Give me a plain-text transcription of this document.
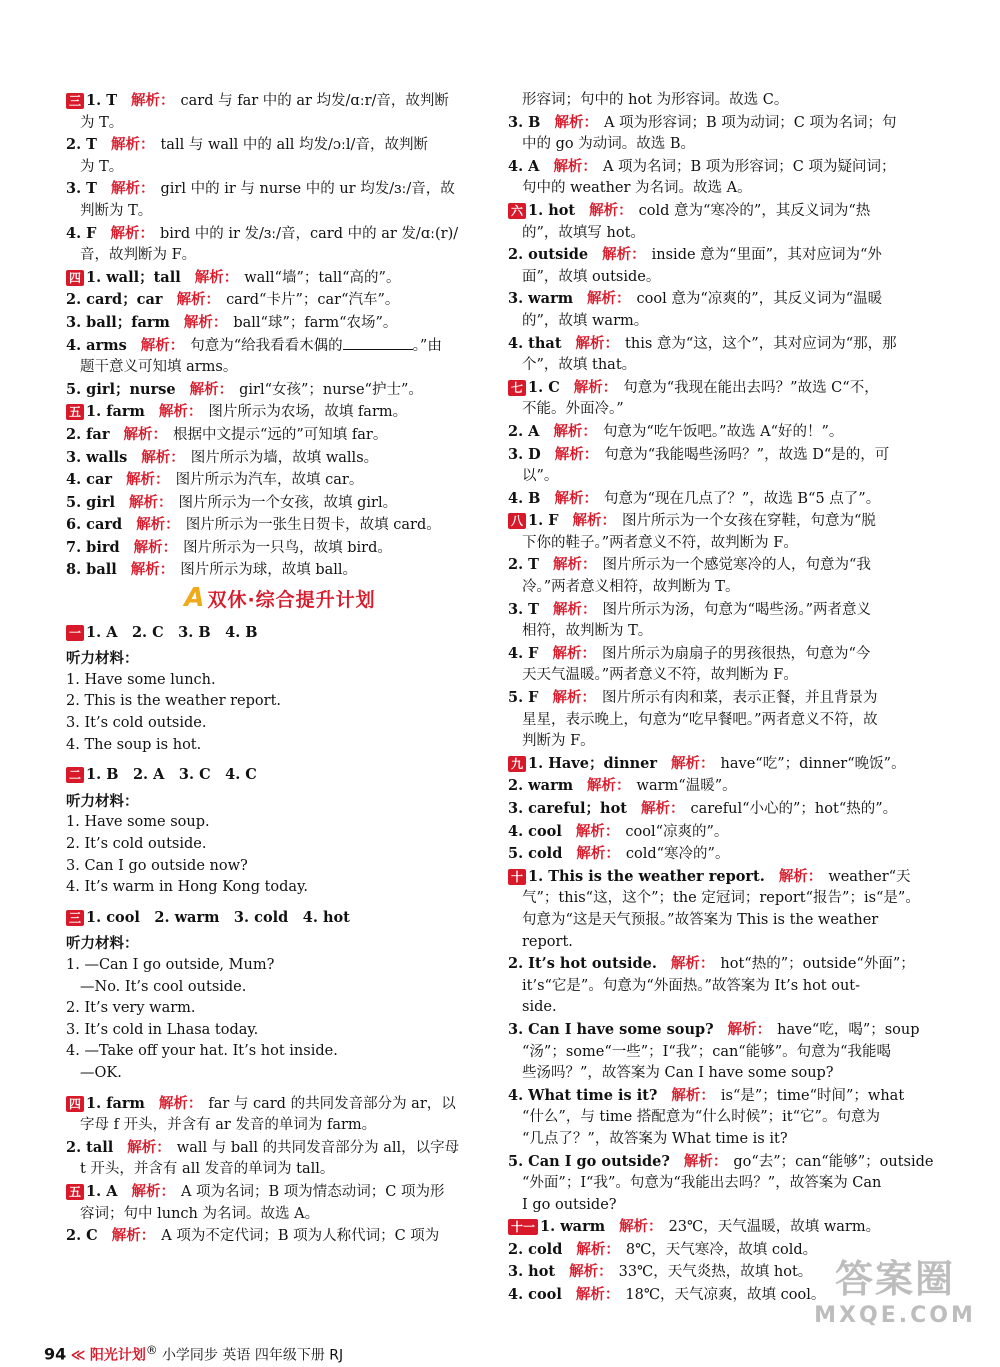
三 1. T 解析： card 与 far 中的 ar 均发/ɑːr/音，故判断
为 T。
2. T 解析： tall 与 wall 中的 all 均发/ɔːl/音，故判断
为 T。
3. T 解析： girl 中的 ir 与 nurse 中的 ur 均发/ɜː/音，故
判断为 T。
4. F 解析： bird 中的 ir 发/ɜː/音，card 中的 ar 发/ɑː(r)/
音，故判断为 F。
四 1. wall；tall 解析： wall“墙”；tall“高的”。
2. card；car 解析： card“卡片”；car“汽车”。
3. ball；farm 解析： ball“球”；farm“农场”。
4. arms 解析： 句意为“给我看看木偶的	。”由
题干意义可知填 arms。
5. girl；nurse 解析： girl“女孩”；nurse“护士”。
五 1. farm 解析： 图片所示为农场，故填 farm。
2. far 解析： 根据中文提示“远的”可知填 far。
3. walls 解析： 图片所示为墙，故填 walls。
4. car 解析： 图片所示为汽车，故填 car。
5. girl 解析： 图片所示为一个女孩，故填 girl。
6. card 解析： 图片所示为一张生日贺卡，故填 card。
7. bird 解析： 图片所示为一只鸟，故填 bird。
8. ball 解析： 图片所示为球，故填 ball。
A 双休·综合提升计划
一 1. A　2. C　3. B　4. B
听力材料：
1. Have some lunch.
2. This is the weather report.
3. It’s cold outside.
4. The soup is hot.
二 1. B　2. A　3. C　4. C
听力材料：
1. Have some soup.
2. It’s cold outside.
3. Can I go outside now?
4. It’s warm in Hong Kong today.
三 1. cool　2. warm　3. cold　4. hot
听力材料：
1. —Can I go outside, Mum?
—No. It’s cool outside.
2. It’s very warm.
3. It’s cold in Lhasa today.
4. —Take off your hat. It’s hot inside.
—OK.
四 1. farm 解析： far 与 card 的共同发音部分为 ar，以
字母 f 开头，并含有 ar 发音的单词为 farm。
2. tall 解析： wall 与 ball 的共同发音部分为 all，以字母
t 开头，并含有 all 发音的单词为 tall。
五 1. A 解析： A 项为名词；B 项为情态动词；C 项为形
容词；句中 lunch 为名词。故选 A。
2. C 解析： A 项为不定代词；B 项为人称代词；C 项为
形容词；句中的 hot 为形容词。故选 C。
3. B 解析： A 项为形容词；B 项为动词；C 项为名词；句
中的 go 为动词。故选 B。
4. A 解析： A 项为名词；B 项为形容词；C 项为疑问词；
句中的 weather 为名词。故选 A。
六 1. hot 解析： cold 意为“寒冷的”，其反义词为“热
的”，故填写 hot。
2. outside 解析： inside 意为“里面”，其对应词为“外
面”，故填 outside。
3. warm 解析： cool 意为“凉爽的”，其反义词为“温暖
的”，故填 warm。
4. that 解析： this 意为“这，这个”，其对应词为“那，那
个”，故填 that。
七 1. C 解析： 句意为“我现在能出去吗？”故选 C“不，
不能。外面冷。”
2. A 解析： 句意为“吃午饭吧。”故选 A“好的！”。
3. D 解析： 句意为“我能喝些汤吗？”，故选 D“是的，可
以”。
4. B 解析： 句意为“现在几点了？”，故选 B“5 点了”。
八 1. F 解析： 图片所示为一个女孩在穿鞋，句意为“脱
下你的鞋子。”两者意义不符，故判断为 F。
2. T 解析： 图片所示为一个感觉寒冷的人，句意为“我
冷。”两者意义相符，故判断为 T。
3. T 解析： 图片所示为汤，句意为“喝些汤。”两者意义
相符，故判断为 T。
4. F 解析： 图片所示为扇扇子的男孩很热，句意为“今
天天气温暖。”两者意义不符，故判断为 F。
5. F 解析： 图片所示有肉和菜，表示正餐，并且背景为
星星，表示晚上，句意为“吃早餐吧。”两者意义不符，故
判断为 F。
九 1. Have；dinner 解析： have“吃”；dinner“晚饭”。
2. warm 解析： warm“温暖”。
3. careful；hot 解析： careful“小心的”；hot“热的”。
4. cool 解析： cool“凉爽的”。
5. cold 解析： cold“寒冷的”。
十 1. This is the weather report. 解析： weather“天
气”；this“这，这个”；the 定冠词；report“报告”；is“是”。
句意为“这是天气预报。”故答案为 This is the weather
report.
2. It’s hot outside. 解析： hot“热的”；outside“外面”；
it’s“它是”。句意为“外面热。”故答案为 It’s hot out-
side.
3. Can I have some soup? 解析： have“吃，喝”；soup
“汤”；some“一些”；I“我”；can“能够”。句意为“我能喝
些汤吗？”，故答案为 Can I have some soup?
4. What time is it? 解析： is“是”；time“时间”；what
“什么”，与 time 搭配意为“什么时候”；it“它”。句意为
“几点了？”，故答案为 What time is it?
5. Can I go outside? 解析： go“去”；can“能够”；outside
“外面”；I“我”。句意为“我能出去吗？”，故答案为 Can
I go outside?
十一 1. warm 解析： 23℃，天气温暖，故填 warm。
2. cold 解析： 8℃，天气寒冷，故填 cold。
3. hot 解析： 33℃，天气炎热，故填 hot。
4. cool 解析： 18℃，天气凉爽，故填 cool。
94 ≪ 阳光计划® 小学同步 英语 四年级下册 RJ
答案圈
MXQE.COM
